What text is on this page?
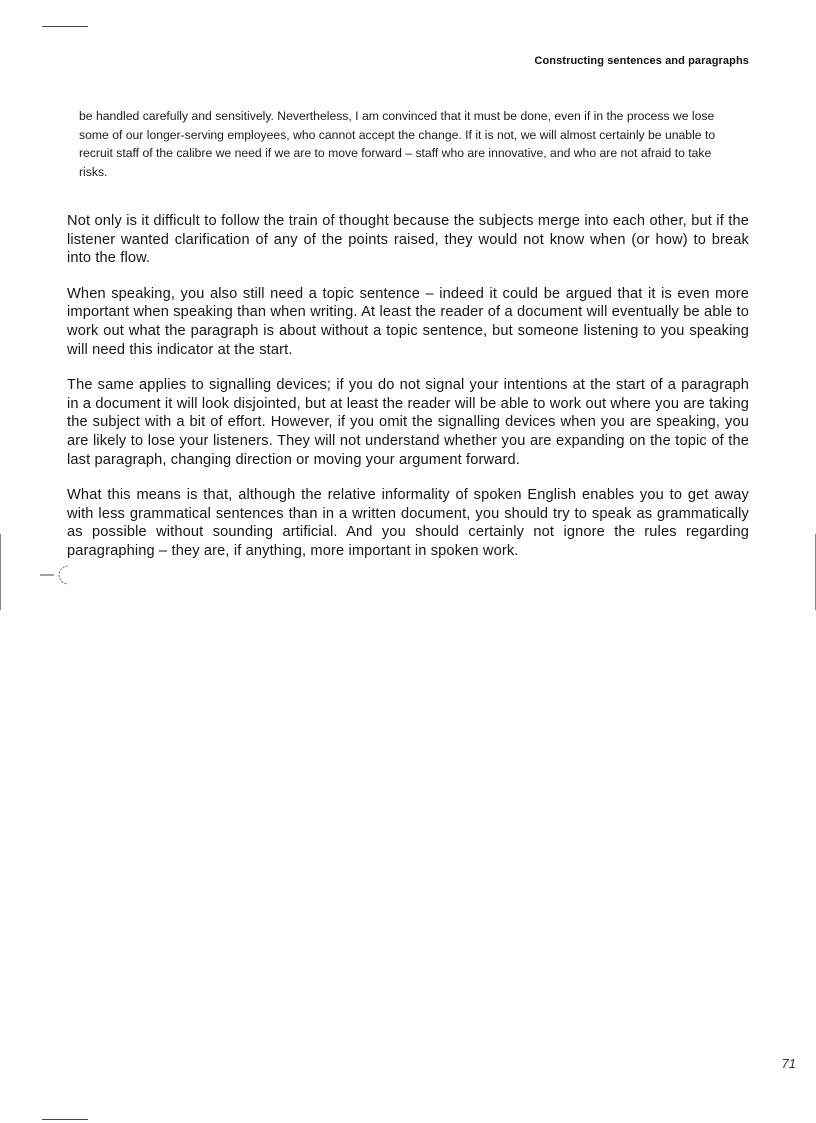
Constructing sentences and paragraphs
be handled carefully and sensitively. Nevertheless, I am convinced that it must be done, even if in the process we lose some of our longer-serving employees, who cannot accept the change. If it is not, we will almost certainly be unable to recruit staff of the calibre we need if we are to move forward – staff who are innovative, and who are not afraid to take risks.

Not only is it difficult to follow the train of thought because the subjects merge into each other, but if the listener wanted clarification of any of the points raised, they would not know when (or how) to break into the flow.

When speaking, you also still need a topic sentence – indeed it could be argued that it is even more important when speaking than when writing. At least the reader of a document will eventually be able to work out what the paragraph is about without a topic sentence, but someone listening to you speaking will need this indicator at the start.

The same applies to signalling devices; if you do not signal your intentions at the start of a paragraph in a document it will look disjointed, but at least the reader will be able to work out where you are taking the subject with a bit of effort. However, if you omit the signalling devices when you are speaking, you are likely to lose your listeners. They will not understand whether you are expanding on the topic of the last paragraph, changing direction or moving your argument forward.

What this means is that, although the relative informality of spoken English enables you to get away with less grammatical sentences than in a written document, you should try to speak as grammatically as possible without sounding artificial. And you should certainly not ignore the rules regarding paragraphing – they are, if anything, more important in spoken work.

71
